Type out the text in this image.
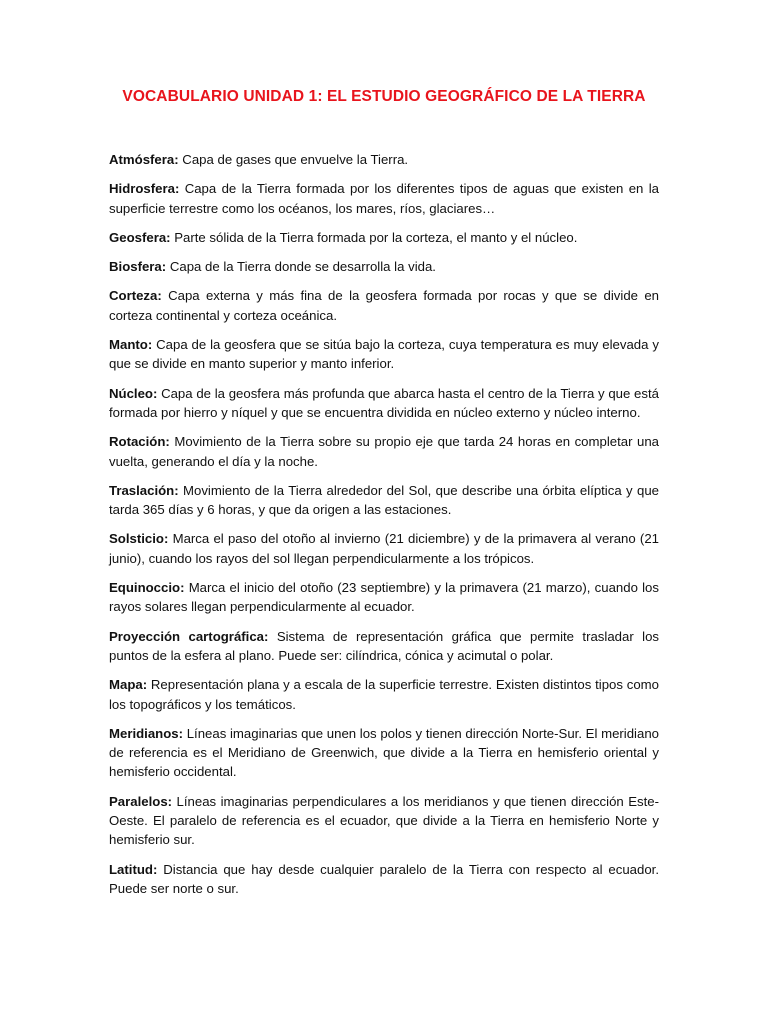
VOCABULARIO UNIDAD 1: EL ESTUDIO GEOGRÁFICO DE LA TIERRA

Atmósfera: Capa de gases que envuelve la Tierra.

Hidrosfera: Capa de la Tierra formada por los diferentes tipos de aguas que existen en la superficie terrestre como los océanos, los mares, ríos, glaciares…

Geosfera: Parte sólida de la Tierra formada por la corteza, el manto y el núcleo.

Biosfera: Capa de la Tierra donde se desarrolla la vida.

Corteza: Capa externa y más fina de la geosfera formada por rocas y que se divide en corteza continental y corteza oceánica.

Manto: Capa de la geosfera que se sitúa bajo la corteza, cuya temperatura es muy elevada y que se divide en manto superior y manto inferior.

Núcleo: Capa de la geosfera más profunda que abarca hasta el centro de la Tierra y que está formada por hierro y níquel y que se encuentra dividida en núcleo externo y núcleo interno.

Rotación: Movimiento de la Tierra sobre su propio eje que tarda 24 horas en completar una vuelta, generando el día y la noche.

Traslación: Movimiento de la Tierra alrededor del Sol, que describe una órbita elíptica y que tarda 365 días y 6 horas, y que da origen a las estaciones.

Solsticio: Marca el paso del otoño al invierno (21 diciembre) y de la primavera al verano (21 junio), cuando los rayos del sol llegan perpendicularmente a los trópicos.

Equinoccio: Marca el inicio del otoño (23 septiembre) y la primavera (21 marzo), cuando los rayos solares llegan perpendicularmente al ecuador.

Proyección cartográfica: Sistema de representación gráfica que permite trasladar los puntos de la esfera al plano. Puede ser: cilíndrica, cónica y acimutal o polar.

Mapa: Representación plana y a escala de la superficie terrestre. Existen distintos tipos como los topográficos y los temáticos.

Meridianos: Líneas imaginarias que unen los polos y tienen dirección Norte-Sur. El meridiano de referencia es el Meridiano de Greenwich, que divide a la Tierra en hemisferio oriental y hemisferio occidental.

Paralelos: Líneas imaginarias perpendiculares a los meridianos y que tienen dirección Este-Oeste. El paralelo de referencia es el ecuador, que divide a la Tierra en hemisferio Norte y hemisferio sur.

Latitud: Distancia que hay desde cualquier paralelo de la Tierra con respecto al ecuador. Puede ser norte o sur.
